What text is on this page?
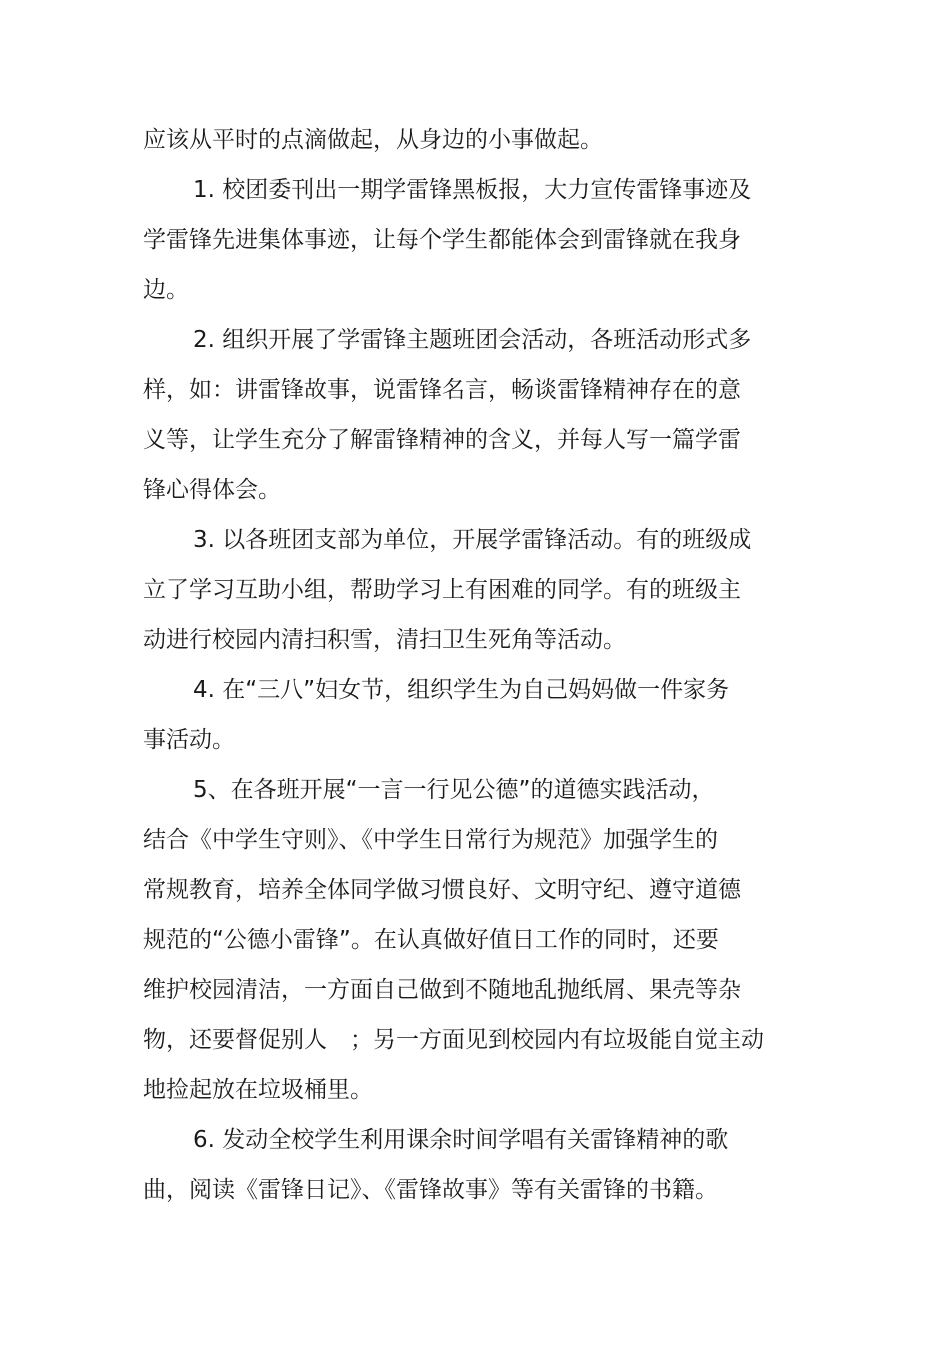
应该从平时的点滴做起，从身边的小事做起。
1. 校团委刊出一期学雷锋黑板报，大力宣传雷锋事迹及
学雷锋先进集体事迹，让每个学生都能体会到雷锋就在我身
边。
2. 组织开展了学雷锋主题班团会活动，各班活动形式多
样，如：讲雷锋故事，说雷锋名言，畅谈雷锋精神存在的意
义等，让学生充分了解雷锋精神的含义，并每人写一篇学雷
锋心得体会。
3. 以各班团支部为单位，开展学雷锋活动。有的班级成
立了学习互助小组，帮助学习上有困难的同学。有的班级主
动进行校园内清扫积雪，清扫卫生死角等活动。
4. 在“三八”妇女节，组织学生为自己妈妈做一件家务
事活动。
5、在各班开展“一言一行见公德”的道德实践活动，
结合《中学生守则》、《中学生日常行为规范》加强学生的
常规教育，培养全体同学做习惯良好、文明守纪、遵守道德
规范的“公德小雷锋”。在认真做好值日工作的同时，还要
维护校园清洁，一方面自己做到不随地乱抛纸屑、果壳等杂
物，还要督促别人　；另一方面见到校园内有垃圾能自觉主动
地捡起放在垃圾桶里。
6. 发动全校学生利用课余时间学唱有关雷锋精神的歌
曲，阅读《雷锋日记》、《雷锋故事》等有关雷锋的书籍。
